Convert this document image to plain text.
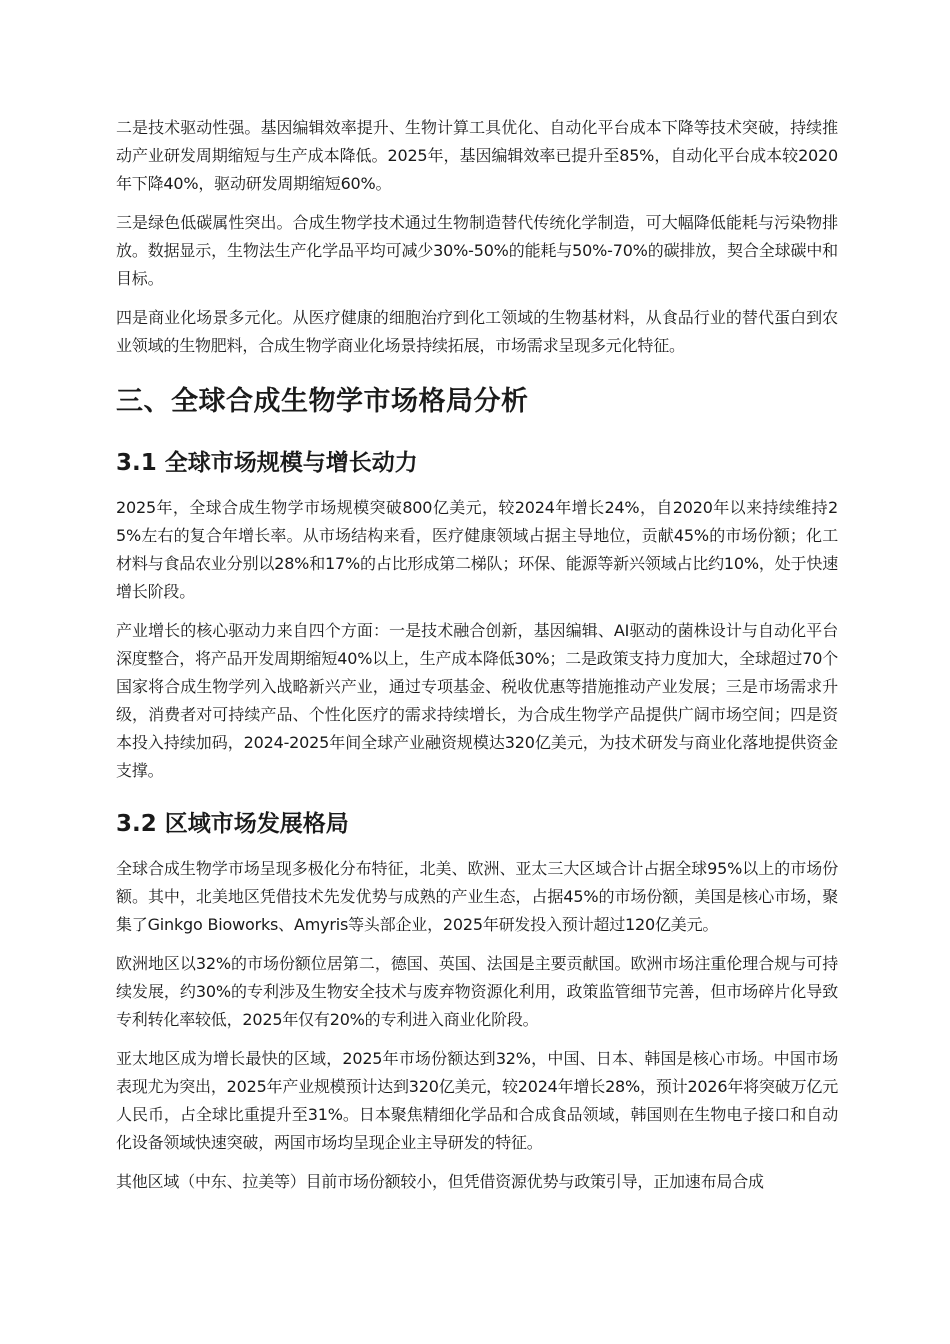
二是技术驱动性强。基因编辑效率提升、生物计算工具优化、自动化平台成本下降等技术突破，持续推动产业研发周期缩短与生产成本降低。2025年，基因编辑效率已提升至85%，自动化平台成本较2020年下降40%，驱动研发周期缩短60%。

三是绿色低碳属性突出。合成生物学技术通过生物制造替代传统化学制造，可大幅降低能耗与污染物排放。数据显示，生物法生产化学品平均可减少30%-50%的能耗与50%-70%的碳排放，契合全球碳中和目标。

四是商业化场景多元化。从医疗健康的细胞治疗到化工领域的生物基材料，从食品行业的替代蛋白到农业领域的生物肥料，合成生物学商业化场景持续拓展，市场需求呈现多元化特征。

三、全球合成生物学市场格局分析
3.1 全球市场规模与增长动力

2025年，全球合成生物学市场规模突破800亿美元，较2024年增长24%，自2020年以来持续维持25%左右的复合年增长率。从市场结构来看，医疗健康领域占据主导地位，贡献45%的市场份额；化工材料与食品农业分别以28%和17%的占比形成第二梯队；环保、能源等新兴领域占比约10%，处于快速增长阶段。

产业增长的核心驱动力来自四个方面：一是技术融合创新，基因编辑、AI驱动的菌株设计与自动化平台深度整合，将产品开发周期缩短40%以上，生产成本降低30%；二是政策支持力度加大，全球超过70个国家将合成生物学列入战略新兴产业，通过专项基金、税收优惠等措施推动产业发展；三是市场需求升级，消费者对可持续产品、个性化医疗的需求持续增长，为合成生物学产品提供广阔市场空间；四是资本投入持续加码，2024-2025年间全球产业融资规模达320亿美元，为技术研发与商业化落地提供资金支撑。

3.2 区域市场发展格局

全球合成生物学市场呈现多极化分布特征，北美、欧洲、亚太三大区域合计占据全球95%以上的市场份额。其中，北美地区凭借技术先发优势与成熟的产业生态，占据45%的市场份额，美国是核心市场，聚集了Ginkgo Bioworks、Amyris等头部企业，2025年研发投入预计超过120亿美元。

欧洲地区以32%的市场份额位居第二，德国、英国、法国是主要贡献国。欧洲市场注重伦理合规与可持续发展，约30%的专利涉及生物安全技术与废弃物资源化利用，政策监管细节完善，但市场碎片化导致专利转化率较低，2025年仅有20%的专利进入商业化阶段。

亚太地区成为增长最快的区域，2025年市场份额达到32%，中国、日本、韩国是核心市场。中国市场表现尤为突出，2025年产业规模预计达到320亿美元，较2024年增长28%，预计2026年将突破万亿元人民币，占全球比重提升至31%。日本聚焦精细化学品和合成食品领域，韩国则在生物电子接口和自动化设备领域快速突破，两国市场均呈现企业主导研发的特征。

其他区域（中东、拉美等）目前市场份额较小，但凭借资源优势与政策引导，正加速布局合成
